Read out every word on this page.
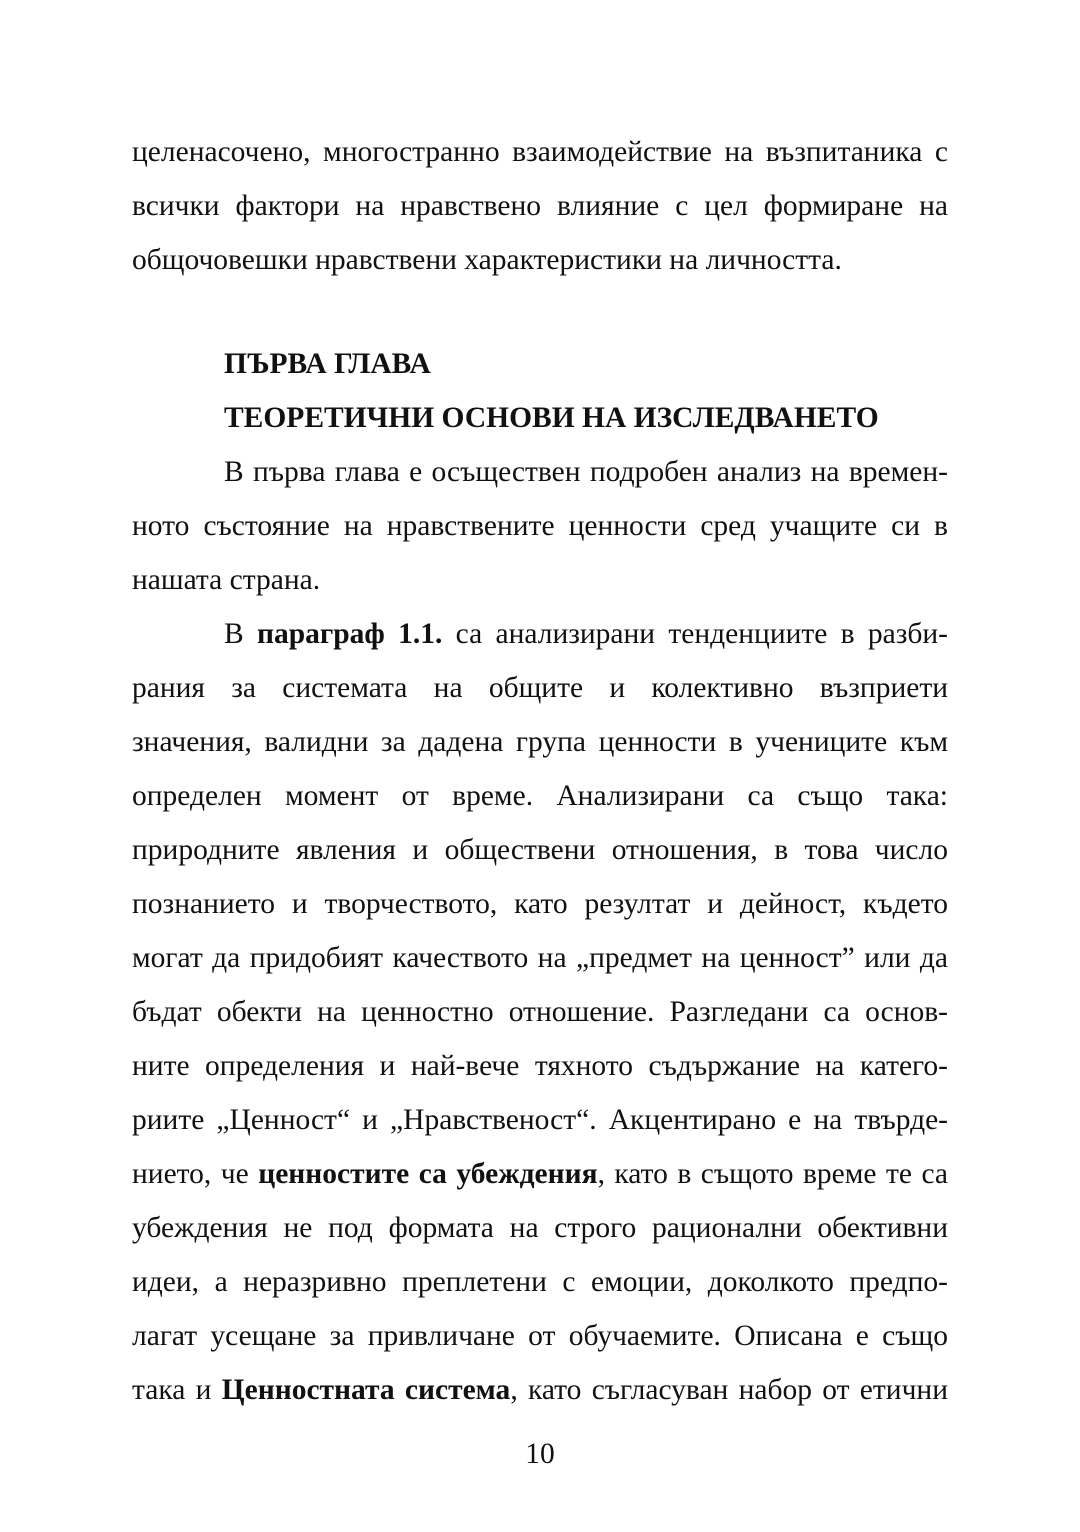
целенасочено, многостранно взаимодействие на възпитаника с
всички фактори на нравствено влияние с цел формиране на
общочовешки нравствени характеристики на личността.
ПЪРВА ГЛАВА
ТЕОРЕТИЧНИ ОСНОВИ НА ИЗСЛЕДВАНЕТО
В първа глава е осъществен подробен анализ на времен-
ното състояние на нравствените ценности сред учащите си в
нашата страна.
В параграф 1.1. са анализирани тенденциите в разби-
рания за системата на общите и колективно възприети
значения, валидни за дадена група ценности в учениците към
определен момент от време. Анализирани са също така:
природните явления и обществени отношения, в това число
познанието и творчеството, като резултат и дейност, където
могат да придобият качеството на „предмет на ценност” или да
бъдат обекти на ценностно отношение. Разгледани са основ-
ните определения и най-вече тяхното съдържание на катего-
риите „Ценност“ и „Нравственост“. Акцентирано е на твърде-
нието, че ценностите са убеждения, като в същото време те са
убеждения не под формата на строго рационални обективни
идеи, а неразривно преплетени с емоции, доколкото предпо-
лагат усещане за привличане от обучаемите. Описана е също
така и Ценностната система, като съгласуван набор от етични
10
